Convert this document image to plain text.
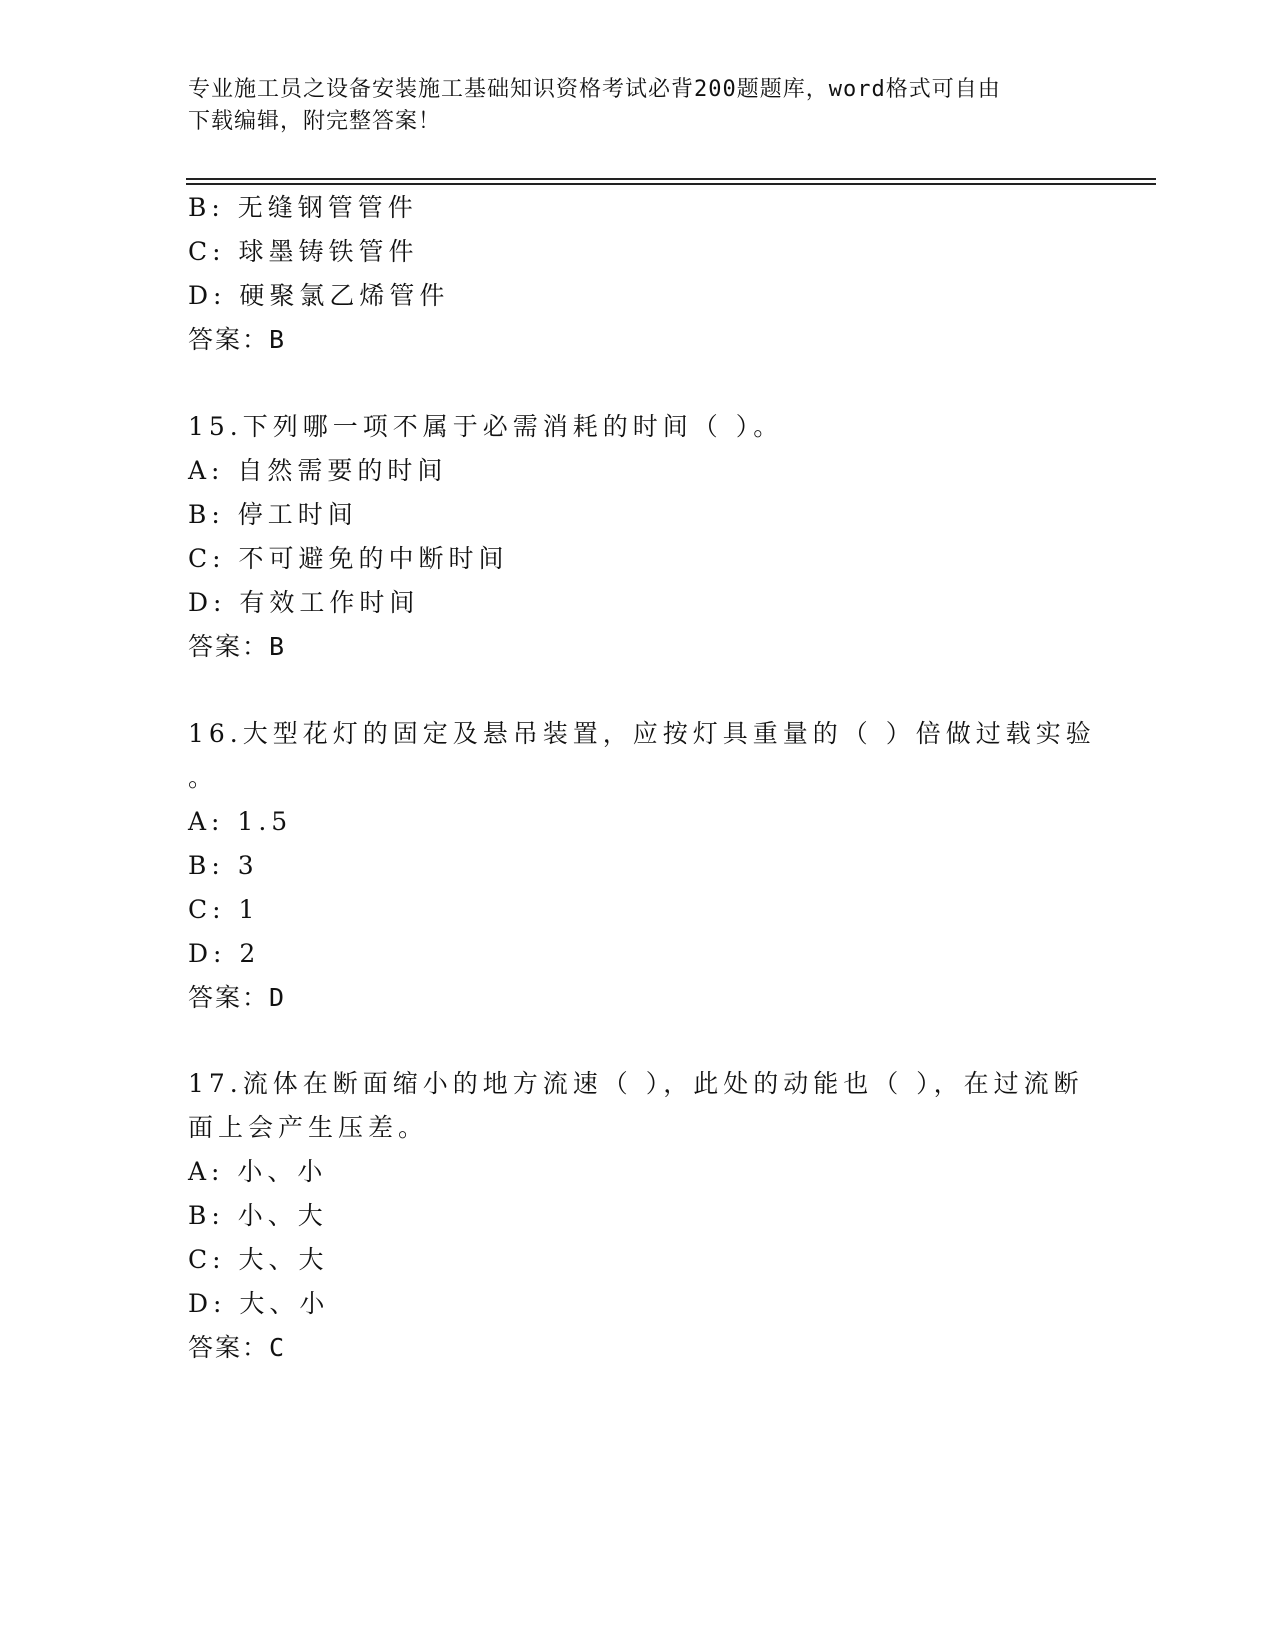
专业施工员之设备安装施工基础知识资格考试必背200题题库，word格式可自由
下载编辑，附完整答案！
B: 无缝钢管管件
C: 球墨铸铁管件
D: 硬聚氯乙烯管件
答案：B
15.下列哪一项不属于必需消耗的时间（ ）。
A: 自然需要的时间
B: 停工时间
C: 不可避免的中断时间
D: 有效工作时间
答案：B
16.大型花灯的固定及悬吊装置，应按灯具重量的（ ）倍做过载实验
。
A: 1.5
B: 3
C: 1
D: 2
答案：D
17.流体在断面缩小的地方流速（ ），此处的动能也（ ），在过流断
面上会产生压差。
A: 小、小
B: 小、大
C: 大、大
D: 大、小
答案：C
